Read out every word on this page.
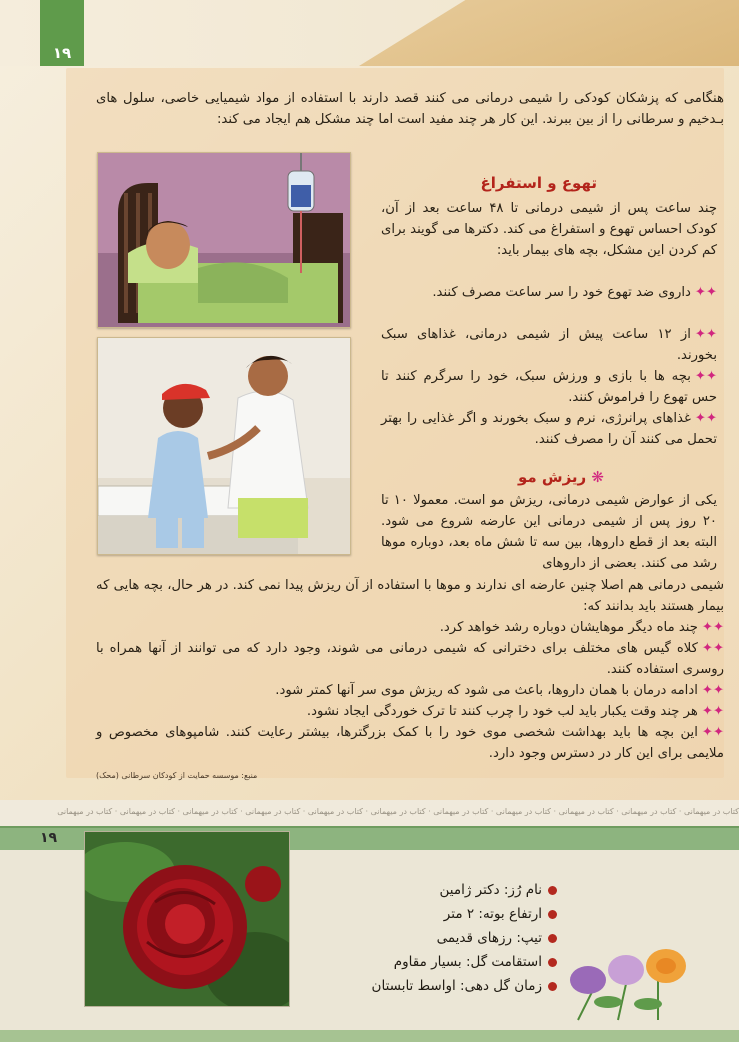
۱۹
هنگامی که پزشکان کودکی را شیمی درمانی می کنند قصد دارند با استفاده از مواد شیمیایی خاصی، سلول های بـدخیم و سرطانی را از بین ببرند. این کار هر چند مفید است اما چند مشکل هم ایجاد می کند:
تهوع و استفراغ
چند ساعت پس از شیمی درمانی تا ۴۸ ساعت بعد از آن، کودک احساس تهوع و استفراغ می کند. دکترها می گویند برای کم کردن این مشکل، بچه های بیمار باید:
✦✦داروی ضد تهوع خود را سر ساعت مصرف کنند.
✦✦از ۱۲ ساعت پیش از شیمی درمانی، غذاهای سبک بخورند.
✦✦بچه ها با بازی و ورزش سبک، خود را سرگرم کنند تا حس تهوع را فراموش کنند.
✦✦غذاهای پرانرژی، نرم و سبک بخورند و اگر غذایی را بهتر تحمل می کنند آن را مصرف کنند.
❋ ریزش مو
یکی از عوارض شیمی درمانی، ریزش مو است. معمولا ۱۰ تا ۲۰ روز پس از شیمی درمانی این عارضه شروع می شود. البته بعد از قطع داروها، بین سه تا شش ماه بعد، دوباره موها رشد می کنند. بعضی از داروهای
شیمی درمانی هم اصلا چنین عارضه ای ندارند و موها با استفاده از آن ریزش پیدا نمی کند. در هر حال، بچه هایی که بیمار هستند باید بدانند که:
✦✦چند ماه دیگر موهایشان دوباره رشد خواهد کرد.
✦✦کلاه گیس های مختلف برای دخترانی که شیمی درمانی می شوند، وجود دارد که می توانند از آنها همراه با روسری استفاده کنند.
✦✦ادامه درمان با همان داروها، باعث می شود که ریزش موی سر آنها کمتر شود.
✦✦هر چند وقت یکبار باید لب خود را چرب کنند تا ترک خوردگی ایجاد نشود.
✦✦این بچه ها باید بهداشت شخصی موی خود را با کمک بزرگترها، بیشتر رعایت کنند. شامپوهای مخصوص و ملایمی برای این کار در دسترس وجود دارد.
منبع: موسسه حمایت از کودکان سرطانی (محک)
کتاب در میهمانی · کتاب در میهمانی · کتاب در میهمانی · کتاب در میهمانی · کتاب در میهمانی · کتاب در میهمانی · کتاب در میهمانی · کتاب در میهمانی · کتاب در میهمانی · کتاب در میهمانی · کتاب در میهمانی
۱۹
نام رُز: دکتر ژامین
ارتفاع بوته: ۲ متر
تیپ: رزهای قدیمی
استقامت گل: بسیار مقاوم
زمان گل دهی: اواسط تابستان
